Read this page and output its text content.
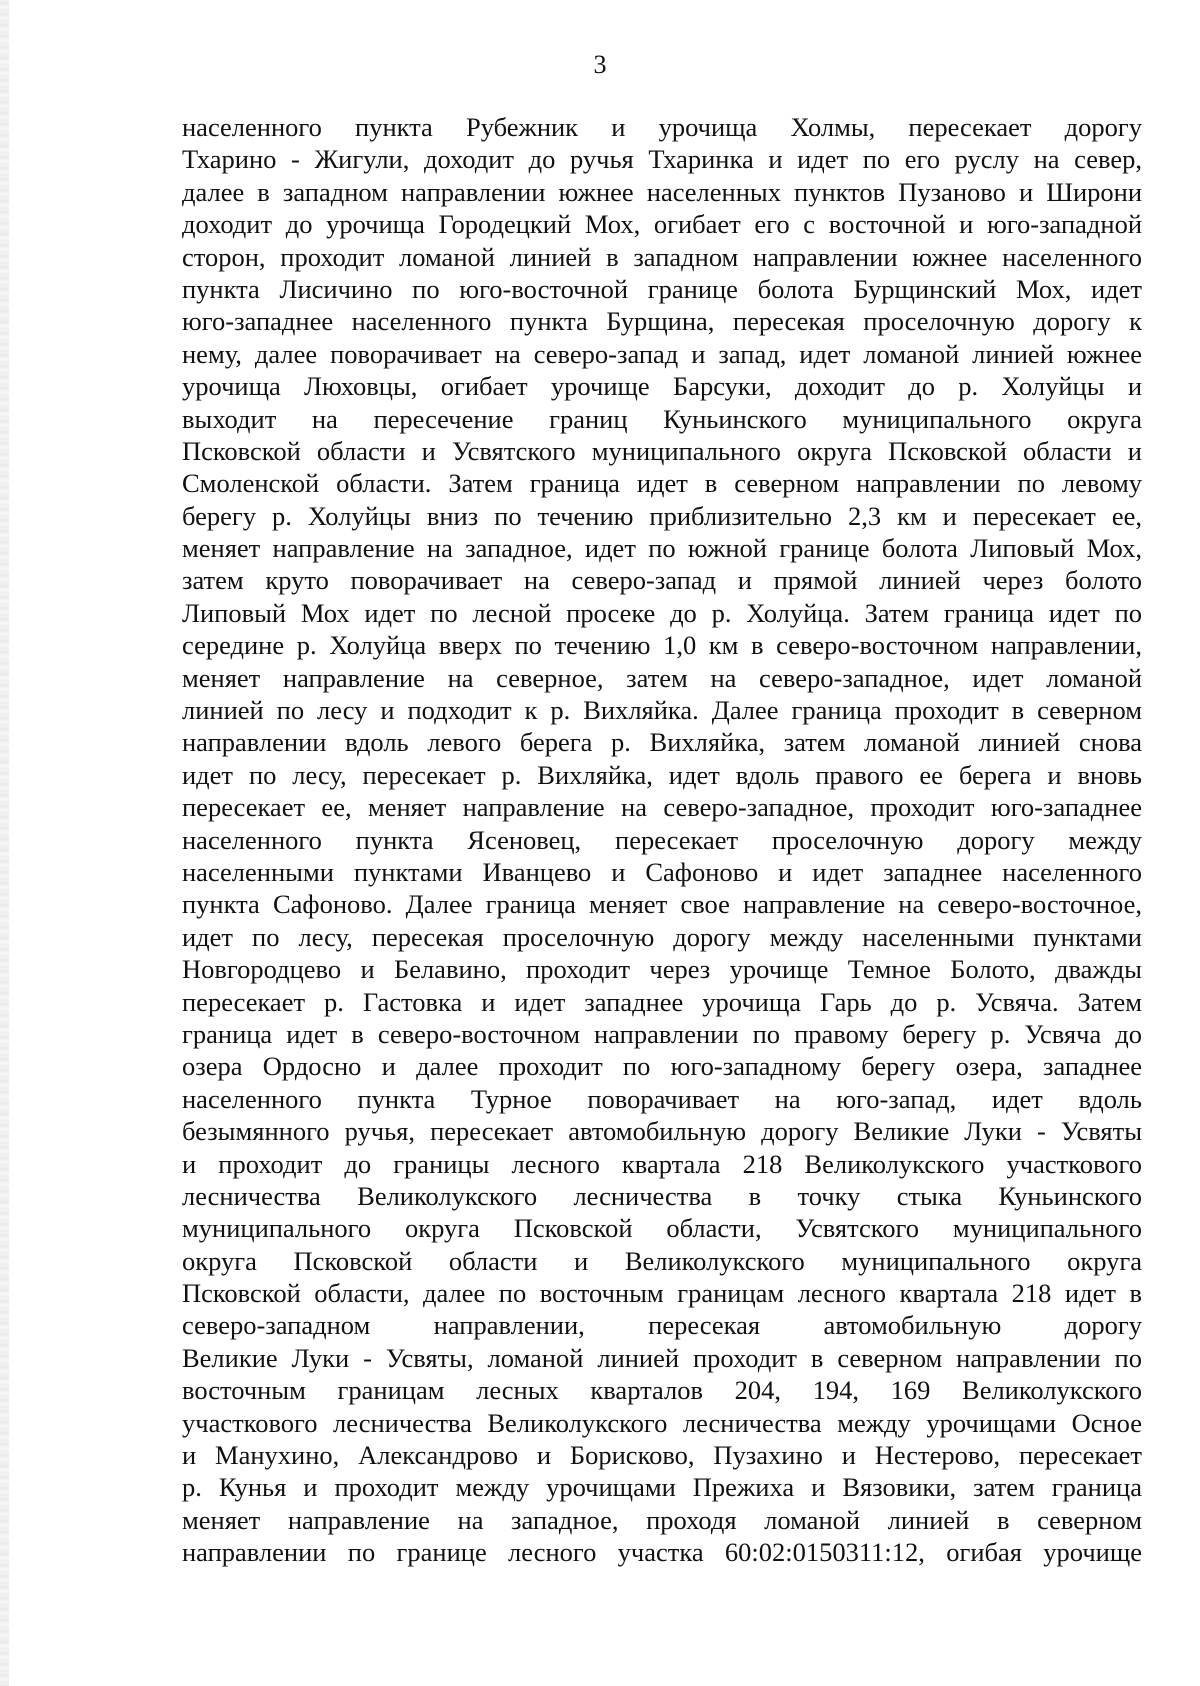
3
населенного пункта Рубежник и урочища Холмы, пересекает дорогу
Тхарино - Жигули, доходит до ручья Тхаринка и идет по его руслу на север,
далее в западном направлении южнее населенных пунктов Пузаново и Широни
доходит до урочища Городецкий Мох, огибает его с восточной и юго-западной
сторон, проходит ломаной линией в западном направлении южнее населенного
пункта Лисичино по юго-восточной границе болота Бурщинский Мох, идет
юго-западнее населенного пункта Бурщина, пересекая проселочную дорогу к
нему, далее поворачивает на северо-запад и запад, идет ломаной линией южнее
урочища Люховцы, огибает урочище Барсуки, доходит до р. Холуйцы и
выходит на пересечение границ Куньинского муниципального округа
Псковской области и Усвятского муниципального округа Псковской области и
Смоленской области. Затем граница идет в северном направлении по левому
берегу р. Холуйцы вниз по течению приблизительно 2,3 км и пересекает ее,
меняет направление на западное, идет по южной границе болота Липовый Мох,
затем круто поворачивает на северо-запад и прямой линией через болото
Липовый Мох идет по лесной просеке до р. Холуйца. Затем граница идет по
середине р. Холуйца вверх по течению 1,0 км в северо-восточном направлении,
меняет направление на северное, затем на северо-западное, идет ломаной
линией по лесу и подходит к р. Вихляйка. Далее граница проходит в северном
направлении вдоль левого берега р. Вихляйка, затем ломаной линией снова
идет по лесу, пересекает р. Вихляйка, идет вдоль правого ее берега и вновь
пересекает ее, меняет направление на северо-западное, проходит юго-западнее
населенного пункта Ясеновец, пересекает проселочную дорогу между
населенными пунктами Иванцево и Сафоново и идет западнее населенного
пункта Сафоново. Далее граница меняет свое направление на северо-восточное,
идет по лесу, пересекая проселочную дорогу между населенными пунктами
Новгородцево и Белавино, проходит через урочище Темное Болото, дважды
пересекает р. Гастовка и идет западнее урочища Гарь до р. Усвяча. Затем
граница идет в северо-восточном направлении по правому берегу р. Усвяча до
озера Ордосно и далее проходит по юго-западному берегу озера, западнее
населенного пункта Турное поворачивает на юго-запад, идет вдоль
безымянного ручья, пересекает автомобильную дорогу Великие Луки - Усвяты
и проходит до границы лесного квартала 218 Великолукского участкового
лесничества Великолукского лесничества в точку стыка Куньинского
муниципального округа Псковской области, Усвятского муниципального
округа Псковской области и Великолукского муниципального округа
Псковской области, далее по восточным границам лесного квартала 218 идет в
северо-западном направлении, пересекая автомобильную дорогу
Великие Луки - Усвяты, ломаной линией проходит в северном направлении по
восточным границам лесных кварталов 204, 194, 169 Великолукского
участкового лесничества Великолукского лесничества между урочищами Осное
и Манухино, Александрово и Борисково, Пузахино и Нестерово, пересекает
р. Кунья и проходит между урочищами Прежиха и Вязовики, затем граница
меняет направление на западное, проходя ломаной линией в северном
направлении по границе лесного участка 60:02:0150311:12, огибая урочище
